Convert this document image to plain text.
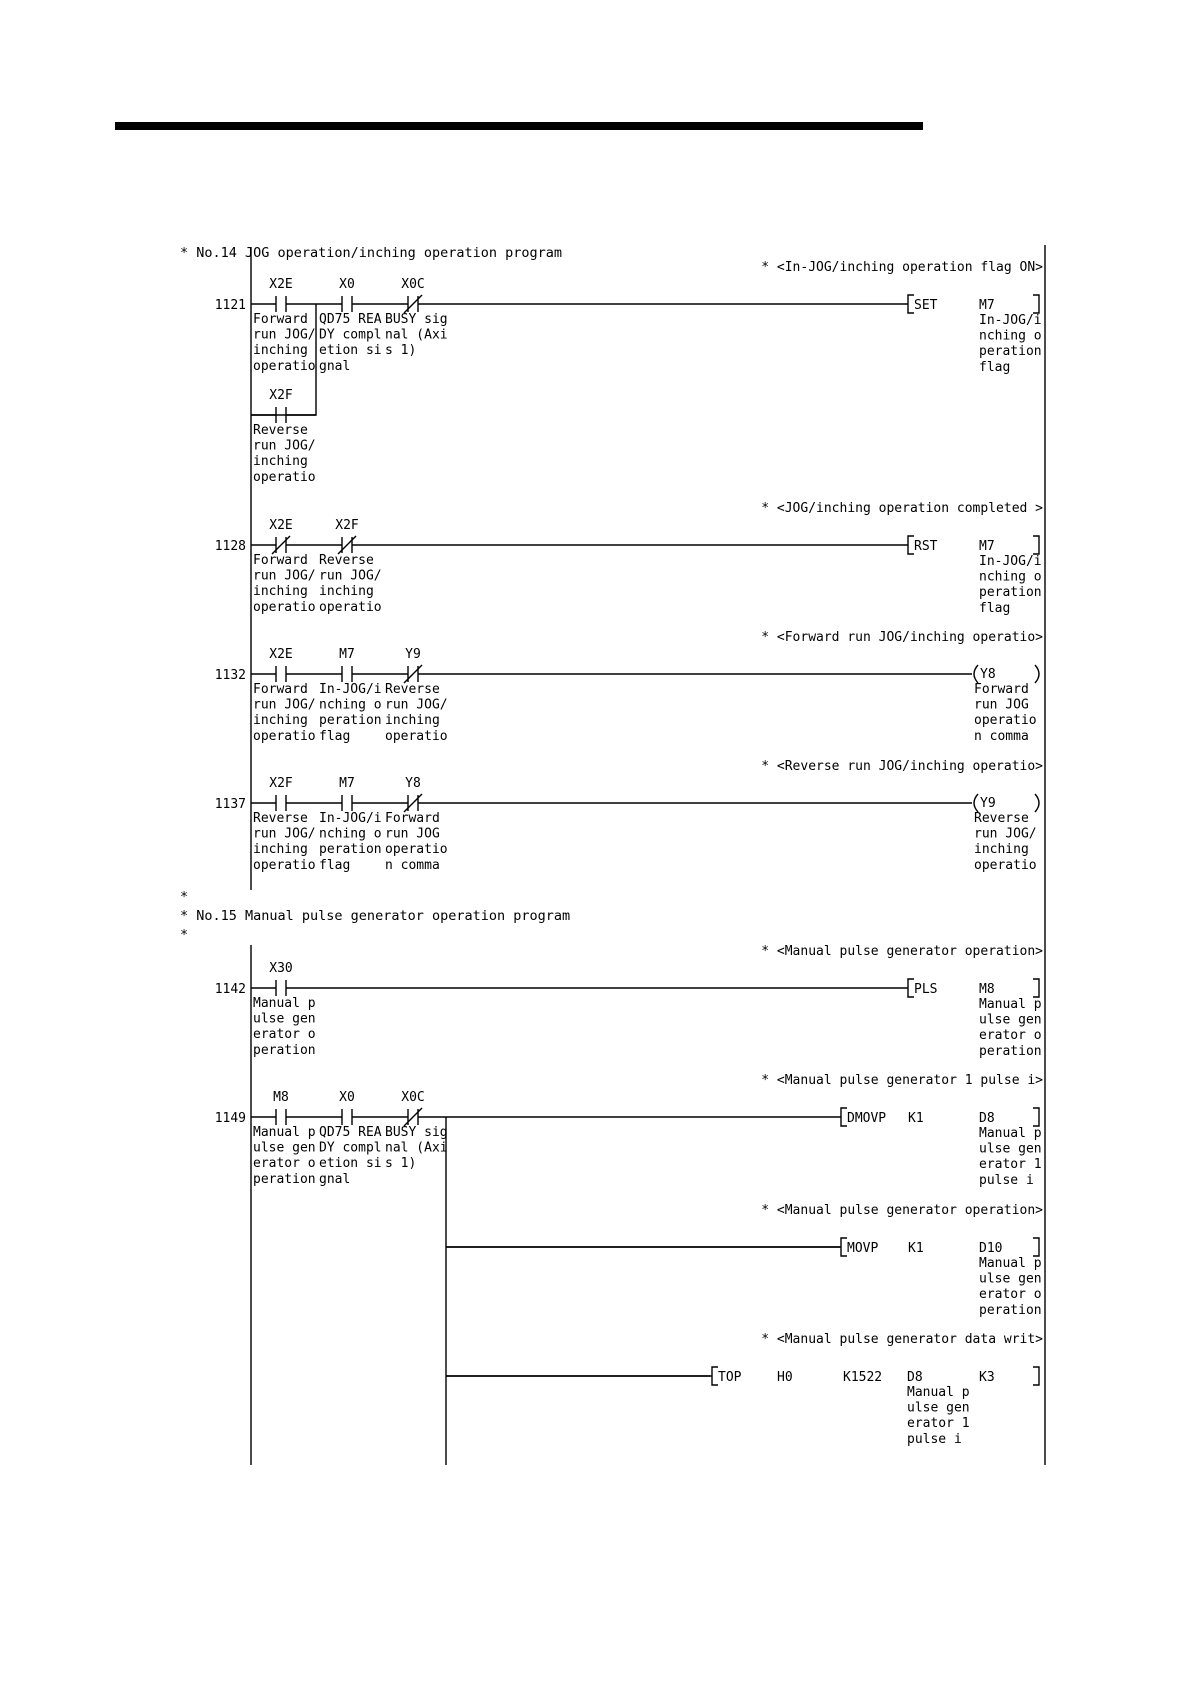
* No.14 JOG operation/inching operation program
*
* No.15 Manual pulse generator operation program
*
1121
* <In-JOG/inching operation flag ON>
X2E
Forward
run JOG/
inching
operatio
X0
QD75 REA
DY compl
etion si
gnal
X0C
BUSY sig
nal (Axi
s 1)
X2F
Reverse
run JOG/
inching
operatio
SET	M7
In-JOG/i
nching o
peration
flag
1128
* <JOG/inching operation completed >
X2E
Forward
run JOG/
inching
operatio
X2F
Reverse
run JOG/
inching
operatio
RST	M7
In-JOG/i
nching o
peration
flag
1132
* <Forward run JOG/inching operatio>
X2E
Forward
run JOG/
inching
operatio
M7
In-JOG/i
nching o
peration
flag
Y9
Reverse
run JOG/
inching
operatio
Y8
Forward
run JOG
operatio
n comma
1137
* <Reverse run JOG/inching operatio>
X2F
Reverse
run JOG/
inching
operatio
M7
In-JOG/i
nching o
peration
flag
Y8
Forward
run JOG
operatio
n comma
Y9
Reverse
run JOG/
inching
operatio
1142
* <Manual pulse generator operation>
X30
Manual p
ulse gen
erator o
peration
PLS	M8
Manual p
ulse gen
erator o
peration
1149
* <Manual pulse generator 1 pulse i>
M8
Manual p
ulse gen
erator o
peration
X0
QD75 REA
DY compl
etion si
gnal
X0C
BUSY sig
nal (Axi
s 1)
DMOVP K1	D8
Manual p
ulse gen
erator 1
pulse i
* <Manual pulse generator operation>
MOVP K1	D10
Manual p
ulse gen
erator o
peration
* <Manual pulse generator data writ>
TOP	H0	K1522 D8	K3
Manual p
ulse gen
erator 1
pulse i
